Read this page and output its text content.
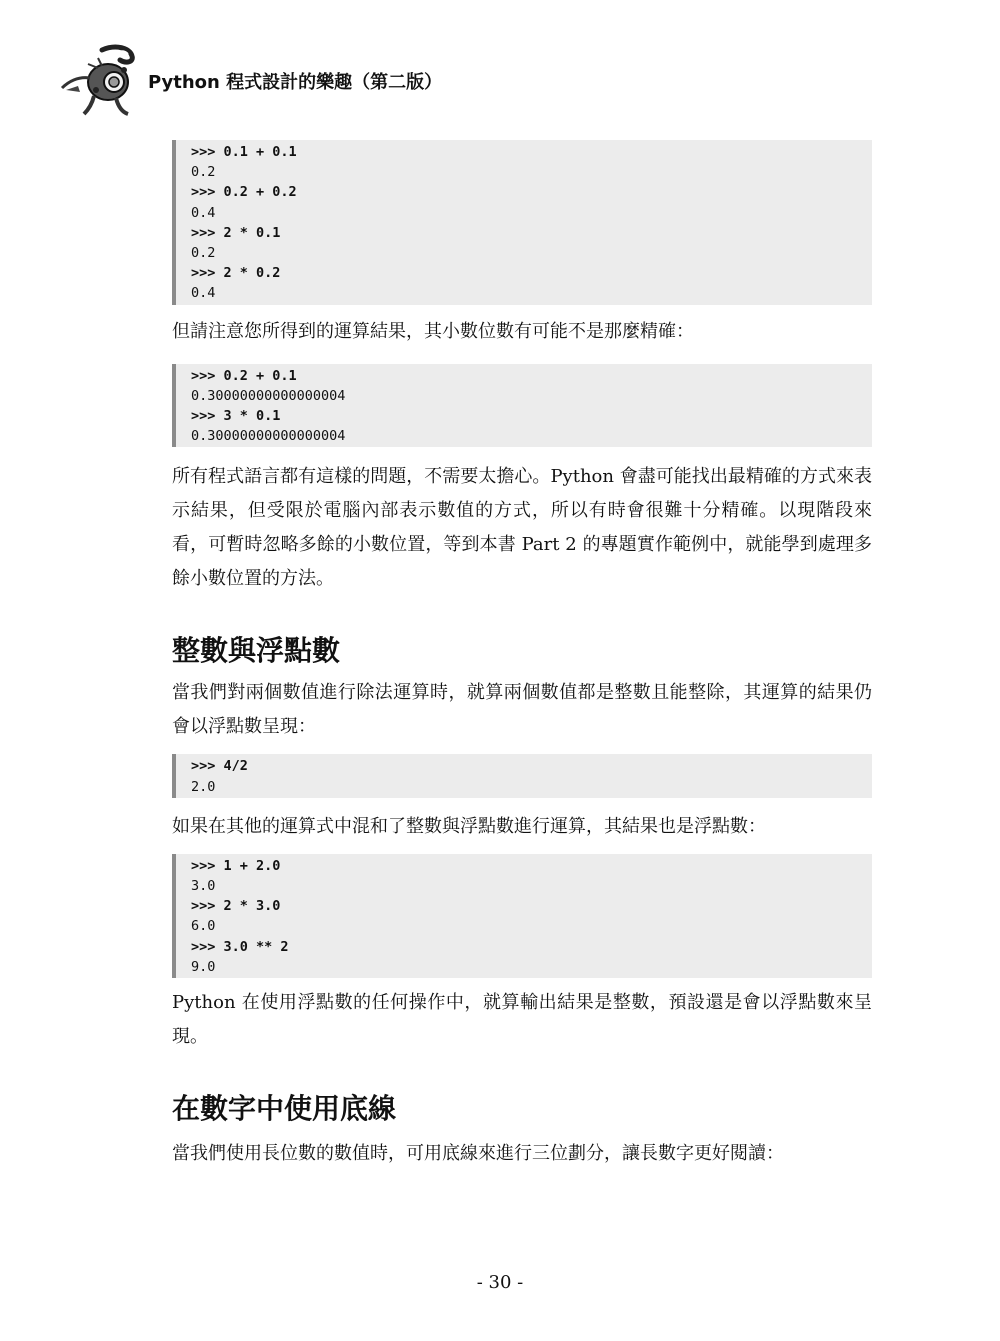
Python 程式設計的樂趣（第二版）
>>> 0.1 + 0.1
0.2
>>> 0.2 + 0.2
0.4
>>> 2 * 0.1
0.2
>>> 2 * 0.2
0.4
但請注意您所得到的運算結果，其小數位數有可能不是那麼精確：
>>> 0.2 + 0.1
0.30000000000000004
>>> 3 * 0.1
0.30000000000000004
所有程式語言都有這樣的問題，不需要太擔心。Python 會盡可能找出最精確的方式來表示結果，但受限於電腦內部表示數值的方式，所以有時會很難十分精確。以現階段來看，可暫時忽略多餘的小數位置，等到本書 Part 2 的專題實作範例中，就能學到處理多餘小數位置的方法。
整數與浮點數
當我們對兩個數值進行除法運算時，就算兩個數值都是整數且能整除，其運算的結果仍會以浮點數呈現：
>>> 4/2
2.0
如果在其他的運算式中混和了整數與浮點數進行運算，其結果也是浮點數：
>>> 1 + 2.0
3.0
>>> 2 * 3.0
6.0
>>> 3.0 ** 2
9.0
Python 在使用浮點數的任何操作中，就算輸出結果是整數，預設還是會以浮點數來呈現。
在數字中使用底線
當我們使用長位數的數值時，可用底線來進行三位劃分，讓長數字更好閱讀：
- 30 -
